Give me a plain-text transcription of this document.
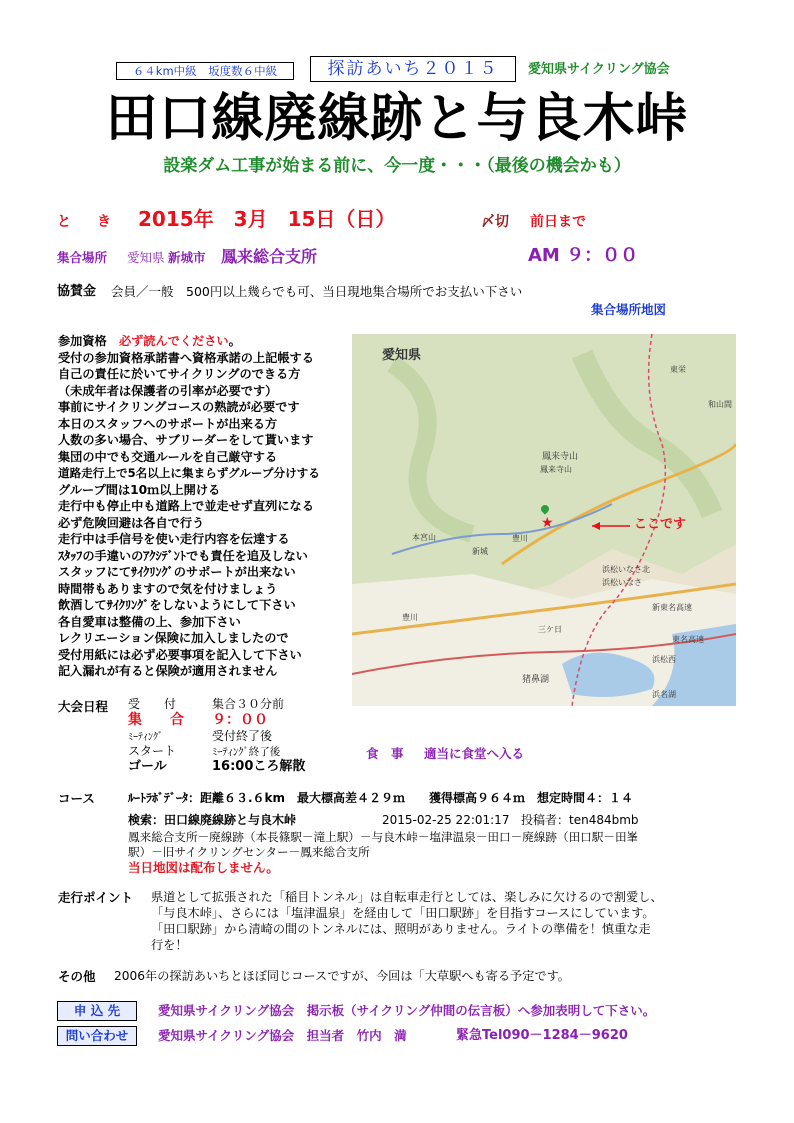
６４km中級　坂度数６中級	探訪あいち２０１５	愛知県サイクリング協会
田口線廃線跡と与良木峠
設楽ダム工事が始まる前に、今一度・・・（最後の機会かも）
と　き 2015年　3月　15日（日）	〆切 前日まで
集合場所 愛知県 新城市 鳳来総合支所	AM ９：００
協賛金 会員／一般　500円以上幾らでも可、当日現地集合場所でお支払い下さい
集合場所地図
参加資格　 必ず読んでください。
受付の参加資格承諾書へ資格承諾の上記帳する
自己の責任に於いてサイクリングのできる方
（未成年者は保護者の引率が必要です）
事前にサイクリングコースの熟読が必要です
本日のスタッフへのサポートが出来る方
人数の多い場合、サブリーダーをして貰います
集団の中でも交通ルールを自己厳守する
道路走行上で5名以上に集まらずグループ分けする
グループ間は10ｍ以上開ける
走行中も停止中も道路上で並走せず直列になる
必ず危険回避は各自で行う
走行中は手信号を使い走行内容を伝達する
ｽﾀｯﾌの手違いのｱｸｼﾃﾞﾝﾄでも責任を追及しない
スタッフにてｻｲｸﾘﾝｸﾞのサポートが出来ない
時間帯もありますので気を付けましょう
飲酒してｻｲｸﾘﾝｸﾞをしないようにして下さい
各自愛車は整備の上、参加下さい
レクリエーション保険に加入しましたので
受付用紙には必ず必要事項を記入して下さい
記入漏れが有ると保険が適用されません
愛知県
鳳来寺山
鳳来寺山
東栄
本宮山
新城
豊川
浜松いなさ北
浜松いなさ
新東名高速
豊川
三ケ日
猪鼻湖
浜名湖
浜松西
和山間
東名高速
★	ここです
大会日程 受　　付	集合３０分前
集　　合 ９：００
ﾐｰﾃｨﾝｸﾞ	受付終了後
スタート	ﾐｰﾃｨﾝｸﾞ終了後
ゴール	16:00ころ解散
食　事 適当に食堂へ入る
コース	ﾙｰﾄﾗﾎﾞﾃﾞｰﾀ：距離６３.６km　最大標高差４２９ｍ　　獲得標高９６４ｍ　想定時間４：１４
検索：田口線廃線跡と与良木峠	2015-02-25 22:01:17 投稿者：ten484bmb
鳳来総合支所－廃線跡（本長篠駅－滝上駅）－与良木峠－塩津温泉－田口－廃線跡（田口駅－田峯
駅）－旧サイクリングセンター－鳳来総合支所
当日地図は配布しません。
走行ポイント 県道として拡張された「稲目トンネル」は自転車走行としては、楽しみに欠けるので割愛し、
「与良木峠」、さらには「塩津温泉」を経由して「田口駅跡」を目指すコースにしています。
「田口駅跡」から清崎の間のトンネルには、照明がありません。ライトの準備を！慎重な走
行を！
その他 2006年の探訪あいちとほぼ同じコースですが、今回は「大草駅へも寄る予定です。
申 込 先	愛知県サイクリング協会　掲示板（サイクリング仲間の伝言板）へ参加表明して下さい。
問い合わせ	愛知県サイクリング協会　担当者　竹内　満	緊急Tel090－1284－9620
